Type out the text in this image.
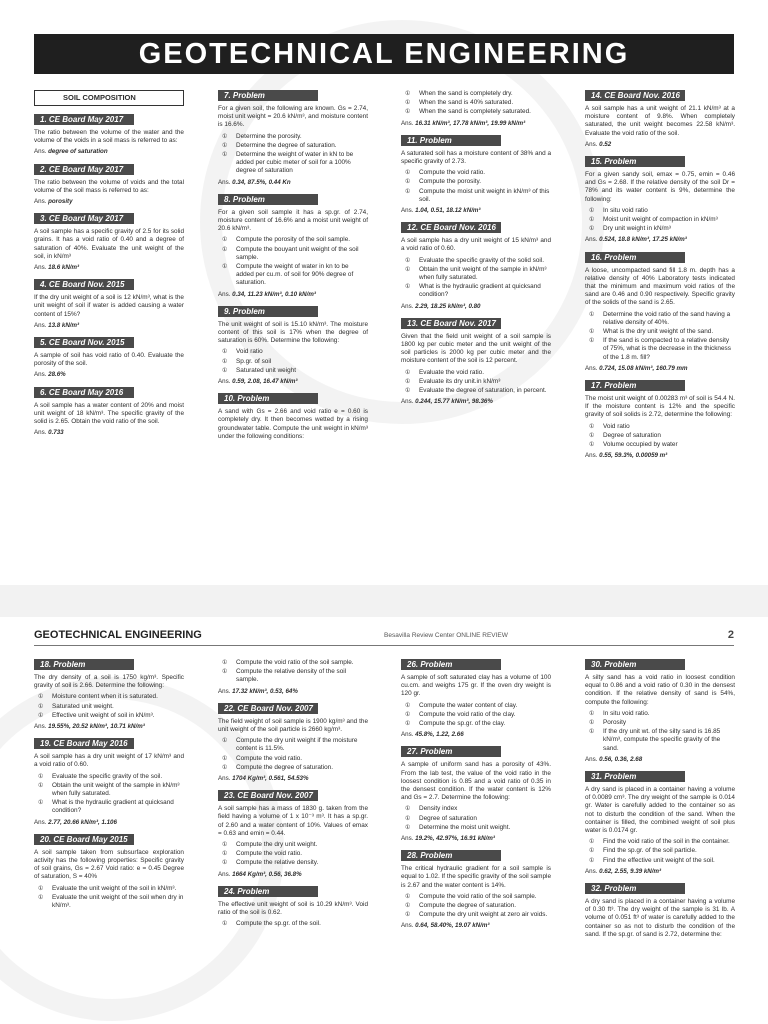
GEOTECHNICAL ENGINEERING
SOIL COMPOSITION
1. CE Board May 2017

The ratio between the volume of the water and the volume of the voids in a soil mass is referred to as:

Ans. degree of saturation
2. CE Board May 2017

The ratio between the volume of voids and the total volume of the soil mass is referred to as:

Ans. porosity
3. CE Board May 2017

A soil sample has a specific gravity of 2.5 for its solid grains. It has a void ratio of 0.40 and a degree of saturation of 40%. Evaluate the unit weight of the soil, in kN/m³

Ans. 18.6 kN/m³
4. CE Board Nov. 2015

If the dry unit weight of a soil is 12 kN/m³, what is the unit weight of soil if water is added causing a water content of 15%?

Ans. 13.8 kN/m³
5. CE Board Nov. 2015

A sample of soil has void ratio of 0.40. Evaluate the porosity of the soil.

Ans. 28.6%
6. CE Board May 2016

A soil sample has a water content of 20% and moist unit weight of 18 kN/m³. The specific gravity of the solid is 2.65. Obtain the void ratio of the soil.

Ans. 0.733
7. Problem

For a given soil, the following are known. Gs = 2.74, moist unit weight = 20.6 kN/m³, and moisture content is 16.6%.

① Determine the porosity.
① Determine the degree of saturation.
① Determine the weight of water in kN to be added per cubic meter of soil for a 100% degree of saturation
Ans. 0.34, 87.5%, 0.44 Kn
8. Problem

For a given soil sample it has a sp.gr. of 2.74, moisture content of 16.6% and a moist unit weight of 20.6 kN/m³.

① Compute the porosity of the soil sample.
① Compute the bouyant unit weight of the soil sample.
① Compute the weight of water in kn to be added per cu.m. of soil for 90% degree of saturation.
Ans. 0.34, 11.23 kN/m³, 0.10 kN/m³
9. Problem

The unit weight of soil is 15.10 kN/m³. The moisture content of this soil is 17% when the degree of saturation is 60%. Determine the following:

① Void ratio
① Sp.gr. of soil
① Saturated unit weight
Ans. 0.59, 2.08, 16.47 kN/m³
10. Problem

A sand with Gs = 2.66 and void ratio e = 0.60 is completely dry. It then becomes wetted by a rising groundwater table. Compute the unit weight in kN/m³ under the following conditions:

① When the sand is completely dry.
① When the sand is 40% saturated.
① When the sand is completely saturated.
Ans. 16.31 kN/m³, 17.78 kN/m³, 19.99 kN/m³
11. Problem

A saturated soil has a moisture content of 38% and a specific gravity of 2.73.

① Compute the void ratio.
① Compute the porosity.
① Compute the moist unit weight in kN/m³ of this soil.
Ans. 1.04, 0.51, 18.12 kN/m³
12. CE Board Nov. 2016

A soil sample has a dry unit weight of 15 kN/m³ and a void ratio of 0.60.

① Evaluate the specific gravity of the solid soil.
① Obtain the unit weight of the sample in kN/m³ when fully saturated.
① What is the hydraulic gradient at quicksand condition?
Ans. 2.29, 18.25 kN/m³, 0.80
13. CE Board Nov. 2017

Given that the field unit weight of a soil sample is 1800 kg per cubic meter and the unit weight of the soil particles is 2000 kg per cubic meter and the moisture content of the soil is 12 percent.

① Evaluate the void ratio.
① Evaluate its dry unit.in kN/m³
① Evaluate the degree of saturation, in percent.
Ans. 0.244, 15.77 kN/m³, 98.36%
14. CE Board Nov. 2016

A soil sample has a unit weight of 21.1 kN/m³ at a moisture content of 9.8%. When completely saturated, the unit weight becomes 22.58 kN/m³. Evaluate the void ratio of the soil.

Ans. 0.52
15. Problem

For a given sandy soil, emax = 0.75, emin = 0.46 and Gs = 2.68. If the relative density of the soil Dr = 78% and its water content is 9%, determine the following:

① In situ void ratio
① Moist unit weight of compaction in kN/m³
① Dry unit weight in kN/m³
Ans. 0.524, 18.8 kN/m³, 17.25 kN/m³
16. Problem

A loose, uncompacted sand fill 1.8 m. depth has a relative density of 40% Laboratory tests indicated that the minimum and maximum void ratios of the sand are 0.46 and 0.90 respectively. Specific gravity of the solids of the sand is 2.65.

① Determine the void ratio of the sand having a relative density of 40%.
① What is the dry unit weight of the sand.
① If the sand is compacted to a relative density of 75%, what is the decrease in the thickness of the 1.8 m. fill?
Ans. 0.724, 15.08 kN/m³, 160.79 mm
17. Problem

The moist unit weight of 0.00283 m³ of soil is 54.4 N. If the moisture content is 12% and the specific gravity of soil solids is 2.72, determine the following:

① Void ratio
① Degree of saturation
① Volume occupied by water
Ans. 0.55, 59.3%, 0.00059 m³
GEOTECHNICAL ENGINEERING	Besavilla Review Center ONLINE REVIEW	2
18. Problem

The dry density of a soil is 1750 kg/m³. Specific gravity of soil is 2.66. Determine the following:

① Moisture content when it is saturated.
① Saturated unit weight.
① Effective unit weight of soil in kN/m³.
Ans. 19.55%, 20.52 kN/m³, 10.71 kN/m³
19. CE Board May 2016

A soil sample has a dry unit weight of 17 kN/m³ and a void ratio of 0.60.

① Evaluate the specific gravity of the soil.
① Obtain the unit weight of the sample in kN/m³ when fully saturated.
① What is the hydraulic gradient at quicksand condition?
Ans. 2.77, 20.66 kN/m³, 1.106
20. CE Board May 2015

A soil sample taken from subsurface exploration activity has the following properties: Specific gravity of soil grains, Gs = 2.67 Void ratio: e = 0.45 Degree of saturation, S = 40%

① Evaluate the unit weight of the soil in kN/m³.
① Evaluate the unit weight of the soil when dry in kN/m³.
① Compute the void ratio of the soil sample.
① Compute the relative density of the soil sample.
Ans. 17.32 kN/m³, 0.53, 64%
22. CE Board Nov. 2007

The field weight of soil sample is 1900 kg/m³ and the unit weight of the soil particle is 2660 kg/m³.

① Compute the dry unit weight if the moisture content is 11.5%.
① Compute the void ratio.
① Compute the degree of saturation.
Ans. 1704 Kg/m³, 0.561, 54.53%
23. CE Board Nov. 2007

A soil sample has a mass of 1830 g. taken from the field having a volume of 1 x 10⁻³ m³. It has a sp.gr. of 2.60 and a water content of 10%. Values of emax = 0.63 and emin = 0.44.

① Compute the dry unit weight.
① Compute the void ratio.
① Compute the relative density.
Ans. 1664 Kg/m³, 0.56, 36.8%
24. Problem

The effective unit weight of soil is 10.29 kN/m³. Void ratio of the soil is 0.62.

① Compute the sp.gr. of the soil.
26. Problem

A sample of soft saturated clay has a volume of 100 cu.cm. and weighs 175 gr. If the oven dry weight is 120 gr.

① Compute the water content of clay.
① Compute the void ratio of the clay.
① Compute the sp.gr. of the clay.
Ans. 45.8%, 1.22, 2.66
27. Problem

A sample of uniform sand has a porosity of 43%. From the lab test, the value of the void ratio in the loosest condition is 0.85 and a void ratio of 0.35 in the densest condition. If the water content is 12% and Gs = 2.7. Determine the following:

① Density index
① Degree of saturation
① Determine the moist unit weight.
Ans. 19.2%, 42.97%, 16.91 kN/m³
28. Problem

The critical hydraulic gradient for a soil sample is equal to 1.02. If the specific gravity of the soil sample is 2.67 and the water content is 14%.

① Compute the void ratio of the soil sample.
① Compute the degree of saturation.
① Compute the dry unit weight at zero air voids.
Ans. 0.64, 58.40%, 19.07 kN/m³
30. Problem

A silty sand has a void ratio in loosest condition equal to 0.86 and a void ratio of 0.30 in the densest condition. If the relative density of sand is 54%, compute the following:

① In situ void ratio.
① Porosity
① If the dry unit wt. of the silty sand is 16.85 kN/m³, compute the specific gravity of the sand.
Ans. 0.56, 0.36, 2.68
31. Problem

A dry sand is placed in a container having a volume of 0.0089 cm³. The dry weight of the sample is 0.014 gr. Water is carefully added to the container so as not to disturb the condition of the sand. When the container is filled, the combined weight of soil plus water is 0.0174 gr.

① Find the void ratio of the soil in the container.
① Find the sp.gr. of the soil particle.
① Find the effective unit weight of the soil.
Ans. 0.62, 2.55, 9.39 kN/m³
32. Problem

A dry sand is placed in a container having a volume of 0.30 ft³. The dry weight of the sample is 31 lb. A volume of 0.051 ft³ of water is carefully added to the container so as not to disturb the condition of the sand. If the sp.gr. of sand is 2.72, determine the:
